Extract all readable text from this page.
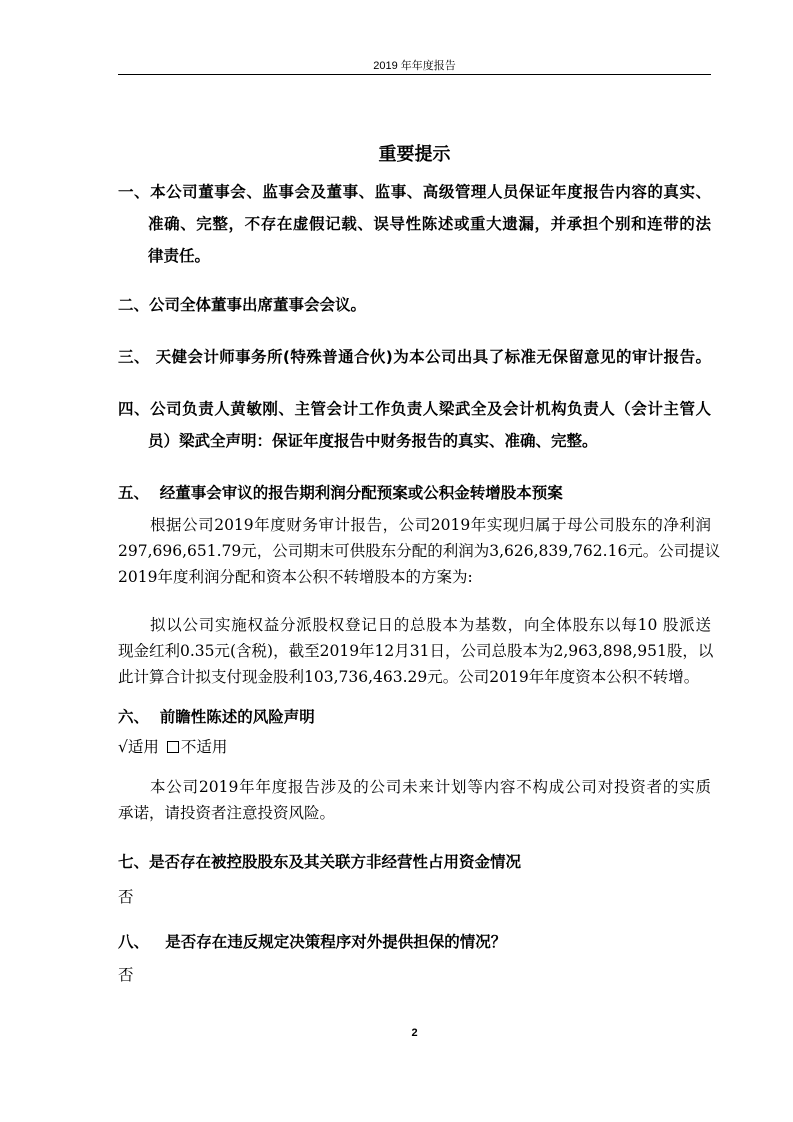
2019 年年度报告
重要提示
一、本公司董事会、监事会及董事、监事、高级管理人员保证年度报告内容的真实、
准确、完整，不存在虚假记载、误导性陈述或重大遗漏，并承担个别和连带的法
律责任。
二、公司全体董事出席董事会会议。
三、 天健会计师事务所(特殊普通合伙)为本公司出具了标准无保留意见的审计报告。
四、公司负责人黄敏刚、主管会计工作负责人梁武全及会计机构负责人（会计主管人
员）梁武全声明：保证年度报告中财务报告的真实、准确、完整。
五、  经董事会审议的报告期利润分配预案或公积金转增股本预案
根据公司2019年度财务审计报告，公司2019年实现归属于母公司股东的净利润
297,696,651.79元，公司期末可供股东分配的利润为3,626,839,762.16元。公司提议
2019年度利润分配和资本公积不转增股本的方案为:
拟以公司实施权益分派股权登记日的总股本为基数，向全体股东以每10 股派送
现金红利0.35元(含税)，截至2019年12月31日，公司总股本为2,963,898,951股，以
此计算合计拟支付现金股利103,736,463.29元。公司2019年年度资本公积不转增。
六、  前瞻性陈述的风险声明
√适用 不适用
本公司2019年年度报告涉及的公司未来计划等内容不构成公司对投资者的实质
承诺，请投资者注意投资风险。
七、是否存在被控股股东及其关联方非经营性占用资金情况
否
八、   是否存在违反规定决策程序对外提供担保的情况？
否
2
